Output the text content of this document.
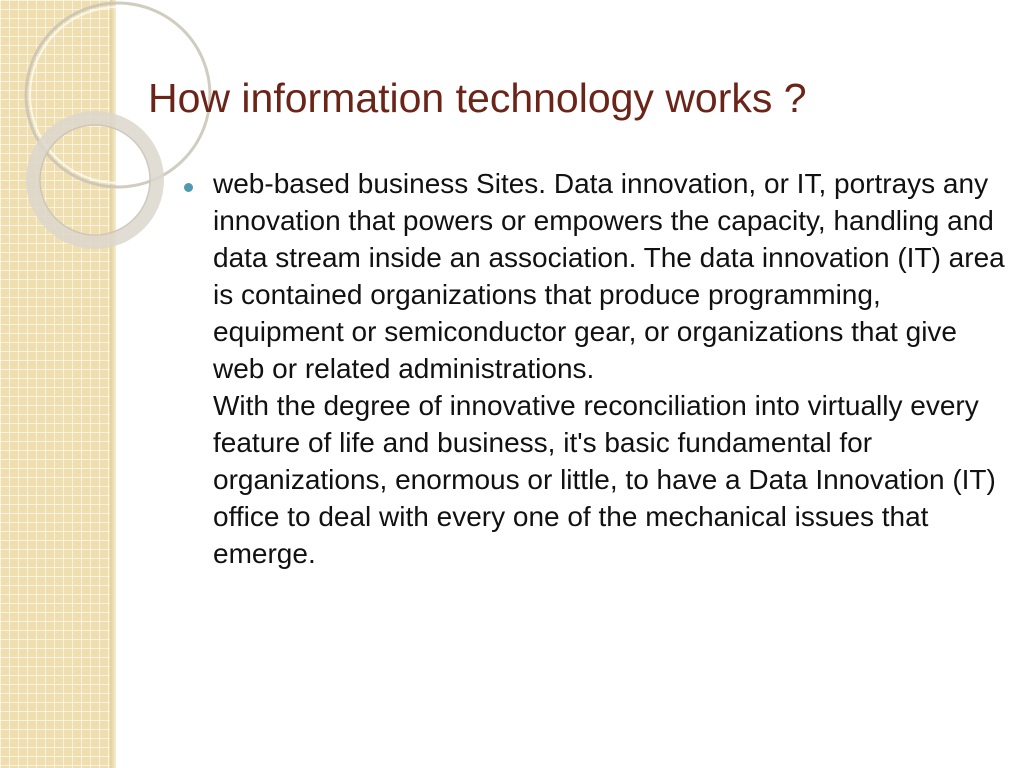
How information technology works ?

web-based business Sites. Data innovation, or IT, portrays any innovation that powers or empowers the capacity, handling and data stream inside an association. The data innovation (IT) area is contained organizations that produce programming, equipment or semiconductor gear, or organizations that give web or related administrations.
With the degree of innovative reconciliation into virtually every feature of life and business, it's basic fundamental for organizations, enormous or little, to have a Data Innovation (IT) office to deal with every one of the mechanical issues that emerge.
